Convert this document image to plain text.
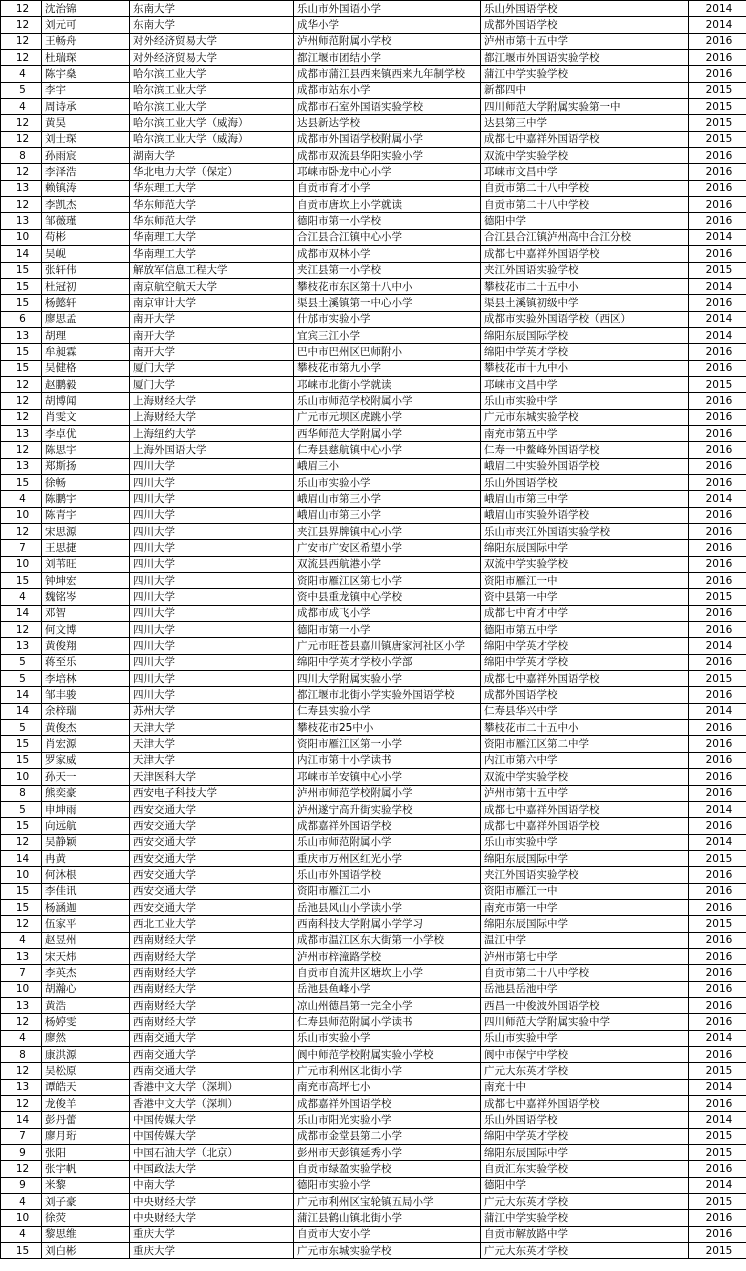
12	沈治锦	东南大学	乐山市外国语小学	乐山外国语学校	2014
12	刘元可	东南大学	成华小学	成都外国语学校	2014
12	王畅舟	对外经济贸易大学	泸州师范附属小学校	泸州市第十五中学	2016
12	杜瑞琛	对外经济贸易大学	都江堰市团结小学	都江堰市外国语实验学校	2016
4	陈宇燊	哈尔滨工业大学	成都市蒲江县西来镇西来九年制学校	蒲江中学实验学校	2016
5	李宇	哈尔滨工业大学	成都市站东小学	新都四中	2015
4	周诗承	哈尔滨工业大学	成都市石室外国语实验学校	四川师范大学附属实验第一中	2015
12	黄昊	哈尔滨工业大学（威海）	达县新达学校	达县第三中学	2015
12	刘士琛	哈尔滨工业大学（威海）	成都市外国语学校附属小学	成都七中嘉祥外国语学校	2015
8	孙雨宸	湖南大学	成都市双流县华阳实验小学	双流中学实验学校	2016
12	李泽浩	华北电力大学（保定）	邛崃市卧龙中心小学	邛崃市文昌中学	2016
13	赖镇涛	华东理工大学	自贡市育才小学	自贡市第二十八中学校	2016
12	李凯杰	华东师范大学	自贡市唐坎上小学就读	自贡市第二十八中学校	2016
13	邹薇瑾	华东师范大学	德阳市第一小学校	德阳中学	2016
10	苟彬	华南理工大学	合江县合江镇中心小学	合江县合江镇泸州高中合江分校	2014
14	吴岘	华南理工大学	成都市双林小学	成都七中嘉祥外国语学校	2016
15	张轩伟	解放军信息工程大学	夹江县第一小学校	夹江外国语实验学校	2015
15	杜冠初	南京航空航天大学	攀枝花市东区第十八中小	攀枝花市二十五中小	2014
15	杨懿轩	南京审计大学	渠县土溪镇第一中心小学	渠县土溪镇初级中学	2016
6	廖思孟	南开大学	什邡市实验小学	成都市实验外国语学校（西区）	2014
13	胡理	南开大学	宜宾三江小学	绵阳东辰国际学校	2014
15	牟昶霖	南开大学	巴中市巴州区巴师附小	绵阳中学英才学校	2016
15	吴健格	厦门大学	攀枝花市第九小学	攀枝花市十九中小	2016
12	赵鹏毅	厦门大学	邛崃市北街小学就读	邛崃市文昌中学	2015
12	胡博闻	上海财经大学	乐山市师范学校附属小学	乐山市实验中学	2016
12	肖雯文	上海财经大学	广元市元坝区虎跳小学	广元市东城实验学校	2016
13	李卓优	上海纽约大学	西华师范大学附属小学	南充市第五中学	2016
12	陈思宇	上海外国语大学	仁寿县慈航镇中心小学	仁寿一中鳌峰外国语学校	2016
13	郑斯扬	四川大学	峨眉三小	峨眉二中实验外国语学校	2016
15	徐畅	四川大学	乐山市实验小学	乐山外国语学校	2016
4	陈鹏宇	四川大学	峨眉山市第三小学	峨眉山市第三中学	2014
10	陈青宇	四川大学	峨眉山市第三小学	峨眉山市实验外语学校	2016
12	宋思源	四川大学	夹江县界牌镇中心小学	乐山市夹江外国语实验学校	2016
7	王思捷	四川大学	广安市广安区希望小学	绵阳东辰国际中学	2016
10	刘苇旺	四川大学	双流县西航港小学	双流中学实验学校	2016
15	钟坤宏	四川大学	资阳市雁江区第七小学	资阳市雁江一中	2016
4	魏铭岑	四川大学	资中县重龙镇中心学校	资中县第一中学	2015
14	邓智	四川大学	成都市成飞小学	成都七中育才中学	2016
12	何文博	四川大学	德阳市第一小学	德阳市第五中学	2016
13	黄俊翔	四川大学	广元市旺苍县嘉川镇唐家河社区小学	绵阳中学英才学校	2014
5	蒋至乐	四川大学	绵阳中学英才学校小学部	绵阳中学英才学校	2016
5	李培林	四川大学	四川大学附属实验小学	成都七中嘉祥外国语学校	2015
14	邹丰骏	四川大学	都江堰市北街小学实验外国语学校	成都外国语学校	2016
14	余梓瑞	苏州大学	仁寿县实验小学	仁寿县华兴中学	2014
5	黄俊杰	天津大学	攀枝花市25中小	攀枝花市二十五中小	2016
15	肖宏源	天津大学	资阳市雁江区第一小学	资阳市雁江区第二中学	2016
15	罗家威	天津大学	内江市第十小学读书	内江市第六中学	2016
10	孙天一	天津医科大学	邛崃市羊安镇中心小学	双流中学实验学校	2016
8	熊奕豪	西安电子科技大学	泸州市师范学校附属小学	泸州市第十五中学	2016
5	申坤雨	西安交通大学	泸州遂宁高升街实验学校	成都七中嘉祥外国语学校	2014
15	向远航	西安交通大学	成都嘉祥外国语学校	成都七中嘉祥外国语学校	2016
12	吴静颖	西安交通大学	乐山市师范附属小学	乐山市实验中学	2014
14	冉黄	西安交通大学	重庆市万州区红光小学	绵阳东辰国际中学	2015
10	何沐根	西安交通大学	乐山市外国语学校	夹江外国语实验学校	2016
15	李佳讯	西安交通大学	资阳市雁江二小	资阳市雁江一中	2016
15	杨涵迦	西安交通大学	岳池县风山小学读小学	南充市第一中学	2016
12	伍家平	西北工业大学	西南科技大学附属小学学习	绵阳东辰国际中学	2015
4	赵昱州	西南财经大学	成都市温江区东大街第一小学校	温江中学	2016
13	宋天炜	西南财经大学	泸州市梓潼路学校	泸州市第七中学	2016
7	李英杰	西南财经大学	自贡市自流井区塘坎上小学	自贡市第二十八中学校	2016
10	胡瀚心	西南财经大学	岳池县鱼峰小学	岳池县岳池中学	2016
13	黄浩	西南财经大学	凉山州德昌第一完全小学	西昌一中俊波外国语学校	2016
12	杨婷雯	西南财经大学	仁寿县师范附属小学读书	四川师范大学附属实验中学	2016
4	廖然	西南交通大学	乐山市实验小学	乐山市实验中学	2014
8	康洪源	西南交通大学	阆中师范学校附属实验小学校	阆中市保宁中学校	2016
12	吴松原	西南交通大学	广元市利州区北街小学	广元大东英才学校	2015
13	谭皓天	香港中文大学（深圳）	南充市高坪七小	南充十中	2014
12	龙俊羊	香港中文大学（深圳）	成都嘉祥外国语学校	成都七中嘉祥外国语学校	2016
14	彭丹蕾	中国传媒大学	乐山市阳光实验小学	乐山外国语学校	2014
7	廖月珩	中国传媒大学	成都市金堂县第二小学	绵阳中学英才学校	2015
9	张阳	中国石油大学（北京）	彭州市天彭镇延秀小学	绵阳东辰国际中学	2015
12	张宇帆	中国政法大学	自贡市绿盈实验学校	自贡汇东实验学校	2016
9	米黎	中南大学	德阳市实验小学	德阳中学	2014
4	刘子豪	中央财经大学	广元市利州区宝轮镇五局小学	广元大东英才学校	2015
10	徐荧	中央财经大学	蒲江县鹤山镇北街小学	蒲江中学实验学校	2016
4	黎思维	重庆大学	自贡市大安小学	自贡市解放路中学	2016
15	刘白彬	重庆大学	广元市东城实验学校	广元大东英才学校	2015
